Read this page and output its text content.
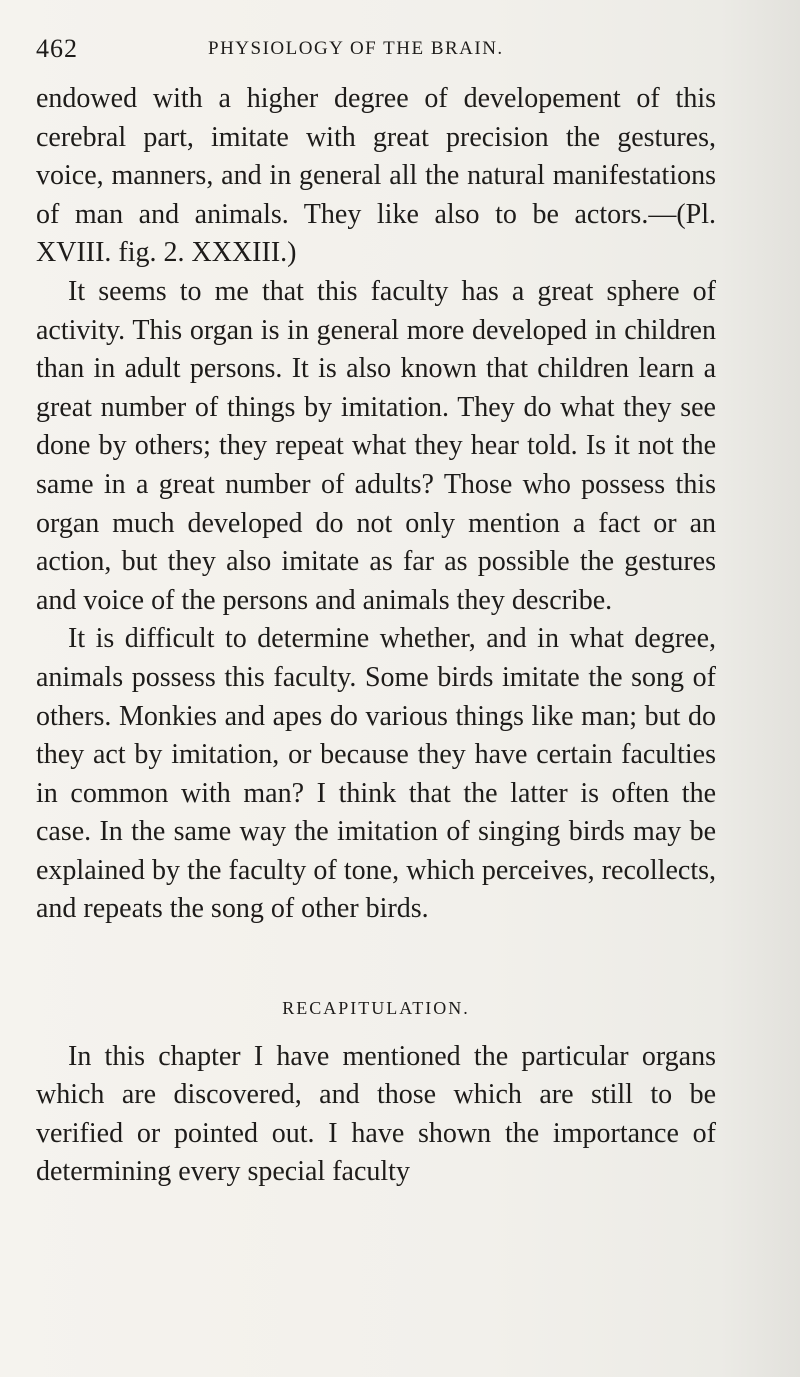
462	PHYSIOLOGY OF THE BRAIN.

endowed with a higher degree of developement of this cerebral part, imitate with great precision the gestures, voice, manners, and in general all the natural manifestations of man and animals. They like also to be actors.—(Pl. XVIII. fig. 2. XXXIII.)

It seems to me that this faculty has a great sphere of activity. This organ is in general more developed in children than in adult persons. It is also known that children learn a great number of things by imitation. They do what they see done by others; they repeat what they hear told. Is it not the same in a great number of adults? Those who possess this organ much developed do not only mention a fact or an action, but they also imitate as far as possible the gestures and voice of the persons and animals they describe.

It is difficult to determine whether, and in what degree, animals possess this faculty. Some birds imitate the song of others. Monkies and apes do various things like man; but do they act by imitation, or because they have certain faculties in common with man? I think that the latter is often the case. In the same way the imitation of singing birds may be explained by the faculty of tone, which perceives, recollects, and repeats the song of other birds.

RECAPITULATION.

In this chapter I have mentioned the particular organs which are discovered, and those which are still to be verified or pointed out. I have shown the importance of determining every special faculty
